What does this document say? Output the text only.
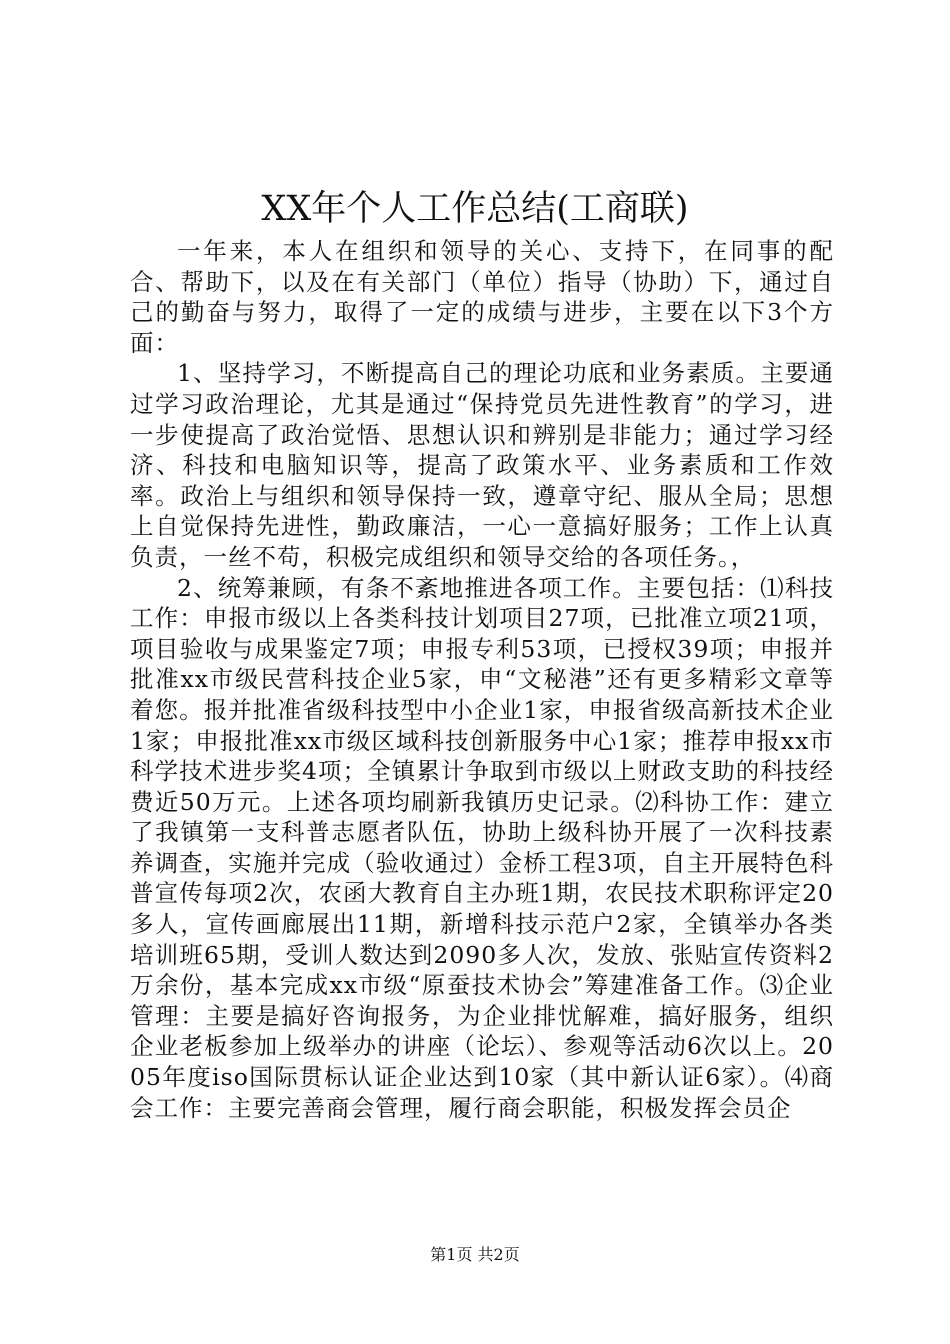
XX年个人工作总结(工商联)

一年来，本人在组织和领导的关心、支持下，在同事的配合、帮助下，以及在有关部门（单位）指导（协助）下，通过自己的勤奋与努力，取得了一定的成绩与进步，主要在以下3个方面：

1、坚持学习，不断提高自己的理论功底和业务素质。主要通过学习政治理论，尤其是通过“保持党员先进性教育”的学习，进一步使提高了政治觉悟、思想认识和辨别是非能力；通过学习经济、科技和电脑知识等，提高了政策水平、业务素质和工作效率。政治上与组织和领导保持一致，遵章守纪、服从全局；思想上自觉保持先进性，勤政廉洁，一心一意搞好服务；工作上认真负责，一丝不苟，积极完成组织和领导交给的各项任务。，

2、统筹兼顾，有条不紊地推进各项工作。主要包括：⑴科技工作：申报市级以上各类科技计划项目27项，已批准立项21项，项目验收与成果鉴定7项；申报专利53项，已授权39项；申报并批准xx市级民营科技企业5家，申“文秘港”还有更多精彩文章等着您。报并批准省级科技型中小企业1家，申报省级高新技术企业1家；申报批准xx市级区域科技创新服务中心1家；推荐申报xx市科学技术进步奖4项；全镇累计争取到市级以上财政支助的科技经费近50万元。上述各项均刷新我镇历史记录。⑵科协工作：建立了我镇第一支科普志愿者队伍，协助上级科协开展了一次科技素养调查，实施并完成（验收通过）金桥工程3项，自主开展特色科普宣传每项2次，农函大教育自主办班1期，农民技术职称评定20多人，宣传画廊展出11期，新增科技示范户2家，全镇举办各类培训班65期，受训人数达到2090多人次，发放、张贴宣传资料2万余份，基本完成xx市级“原蚕技术协会”筹建准备工作。⑶企业管理：主要是搞好咨询报务，为企业排忧解难，搞好服务，组织企业老板参加上级举办的讲座（论坛）、参观等活动6次以上。2005年度iso国际贯标认证企业达到10家（其中新认证6家）。⑷商会工作：主要完善商会管理，履行商会职能，积极发挥会员企

第1页 共2页
